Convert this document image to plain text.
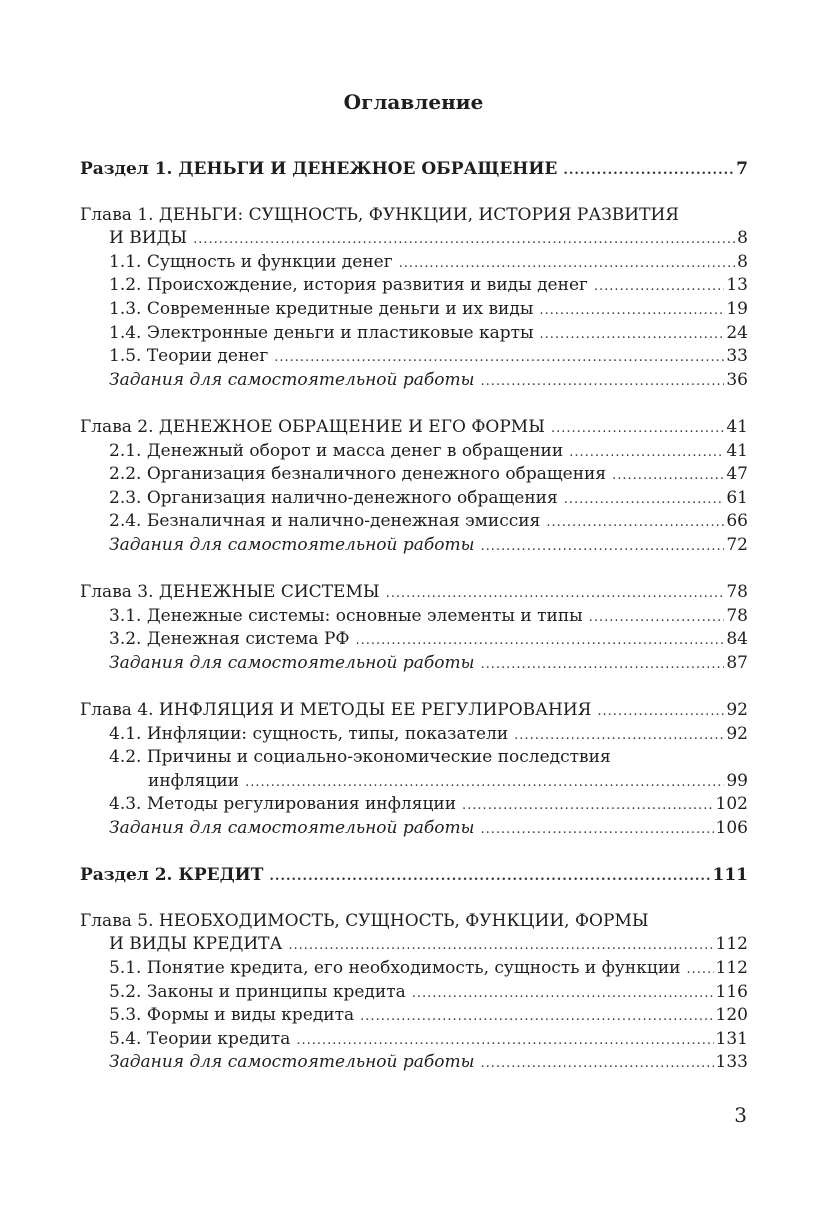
Оглавление
Раздел 1. ДЕНЬГИ И ДЕНЕЖНОЕ ОБРАЩЕНИЕ .....	7
Глава 1. ДЕНЬГИ: СУЩНОСТЬ, ФУНКЦИИ, ИСТОРИЯ РАЗВИТИЯ
И ВИДЫ .....	8
1.1. Сущность и функции денег .....	8
1.2. Происхождение, история развития и виды денег .....	13
1.3. Современные кредитные деньги и их виды .....	19
1.4. Электронные деньги и пластиковые карты .....	24
1.5. Теории денег .....	33
Задания для самостоятельной работы .....	36
Глава 2. ДЕНЕЖНОЕ ОБРАЩЕНИЕ И ЕГО ФОРМЫ .....	41
2.1. Денежный оборот и масса денег в обращении .....	41
2.2. Организация безналичного денежного обращения .....	47
2.3. Организация налично-денежного обращения .....	61
2.4. Безналичная и налично-денежная эмиссия .....	66
Задания для самостоятельной работы .....	72
Глава 3. ДЕНЕЖНЫЕ СИСТЕМЫ .....	78
3.1. Денежные системы: основные элементы и типы .....	78
3.2. Денежная система РФ .....	84
Задания для самостоятельной работы .....	87
Глава 4. ИНФЛЯЦИЯ И МЕТОДЫ ЕЕ РЕГУЛИРОВАНИЯ .....	92
4.1. Инфляции: сущность, типы, показатели .....	92
4.2. Причины и социально-экономические последствия
инфляции .....	99
4.3. Методы регулирования инфляции .....	102
Задания для самостоятельной работы .....	106
Раздел 2. КРЕДИТ .....	111
Глава 5. НЕОБХОДИМОСТЬ, СУЩНОСТЬ, ФУНКЦИИ, ФОРМЫ
И ВИДЫ КРЕДИТА .....	112
5.1. Понятие кредита, его необходимость, сущность и функции ..... 112
5.2. Законы и принципы кредита .....	116
5.3. Формы и виды кредита .....	120
5.4. Теории кредита .....	131
Задания для самостоятельной работы .....	133
3
